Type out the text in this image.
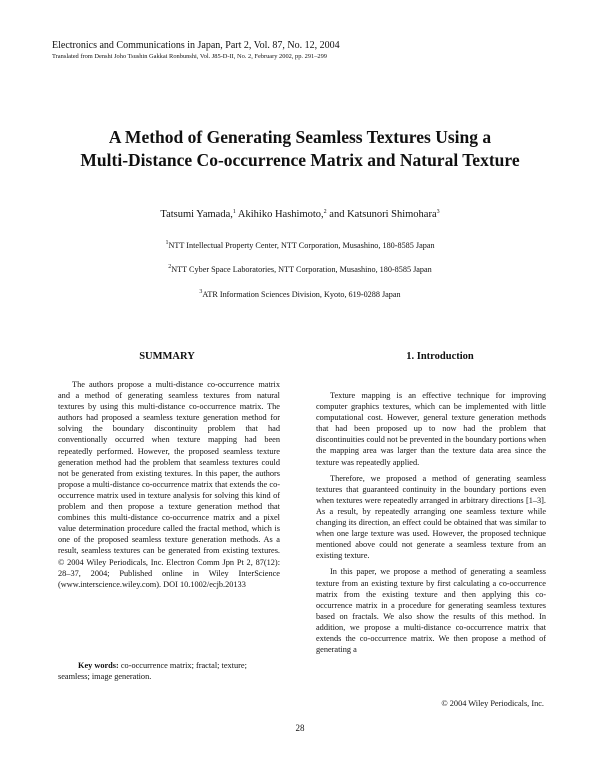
Electronics and Communications in Japan, Part 2, Vol. 87, No. 12, 2004
Translated from Denshi Joho Tsushin Gakkai Ronbunshi, Vol. J85-D-II, No. 2, February 2002, pp. 291–299
A Method of Generating Seamless Textures Using a
Multi-Distance Co-occurrence Matrix and Natural Texture
Tatsumi Yamada,$^1$ Akihiko Hashimoto,$^2$ and Katsunori Shimohara$^3$
$^1$NTT Intellectual Property Center, NTT Corporation, Musashino, 180-8585 Japan
$^2$NTT Cyber Space Laboratories, NTT Corporation, Musashino, 180-8585 Japan
$^3$ATR Information Sciences Division, Kyoto, 619-0288 Japan
SUMMARY	1. Introduction

The authors propose a multi-distance co-occurrence matrix and a method of generating seamless textures from natural textures by using this multi-distance co-occurrence matrix. The authors had proposed a seamless texture generation method for solving the boundary discontinuity problem that had conventionally occurred when texture mapping had been repeatedly performed. However, the proposed seamless texture generation method had the problem that seamless textures could not be generated from existing textures. In this paper, the authors propose a multi-distance co-occurrence matrix that extends the co-occurrence matrix used in texture analysis for solving this kind of problem and then propose a texture generation method that combines this multi-distance co-occurrence matrix and a pixel value determination procedure called the fractal method, which is one of the proposed seamless texture generation methods. As a result, seamless textures can be generated from existing textures. © 2004 Wiley Periodicals, Inc. Electron Comm Jpn Pt 2, 87(12): 28–37, 2004; Published online in Wiley InterScience (www.interscience.wiley.com). DOI 10.1002/ecjb.20133

Key words: co-occurrence matrix; fractal; texture; seamless; image generation.

Texture mapping is an effective technique for improving computer graphics textures, which can be implemented with little computational cost. However, general texture generation methods that had been proposed up to now had the problem that discontinuities could not be prevented in the boundary portions when the mapping area was larger than the texture data area since the texture was repeatedly applied.

Therefore, we proposed a method of generating seamless textures that guaranteed continuity in the boundary portions even when textures were repeatedly arranged in arbitrary directions [1–3]. As a result, by repeatedly arranging one seamless texture while changing its direction, an effect could be obtained that was similar to when one large texture was used. However, the proposed technique mentioned above could not generate a seamless texture from an existing texture.

In this paper, we propose a method of generating a seamless texture from an existing texture by first calculating a co-occurrence matrix from the existing texture and then applying this co-occurrence matrix in a procedure for generating seamless textures based on fractals. We also show the results of this method. In addition, we propose a multi-distance co-occurrence matrix that extends the co-occurrence matrix. We then propose a method of generating a

© 2004 Wiley Periodicals, Inc.
28
